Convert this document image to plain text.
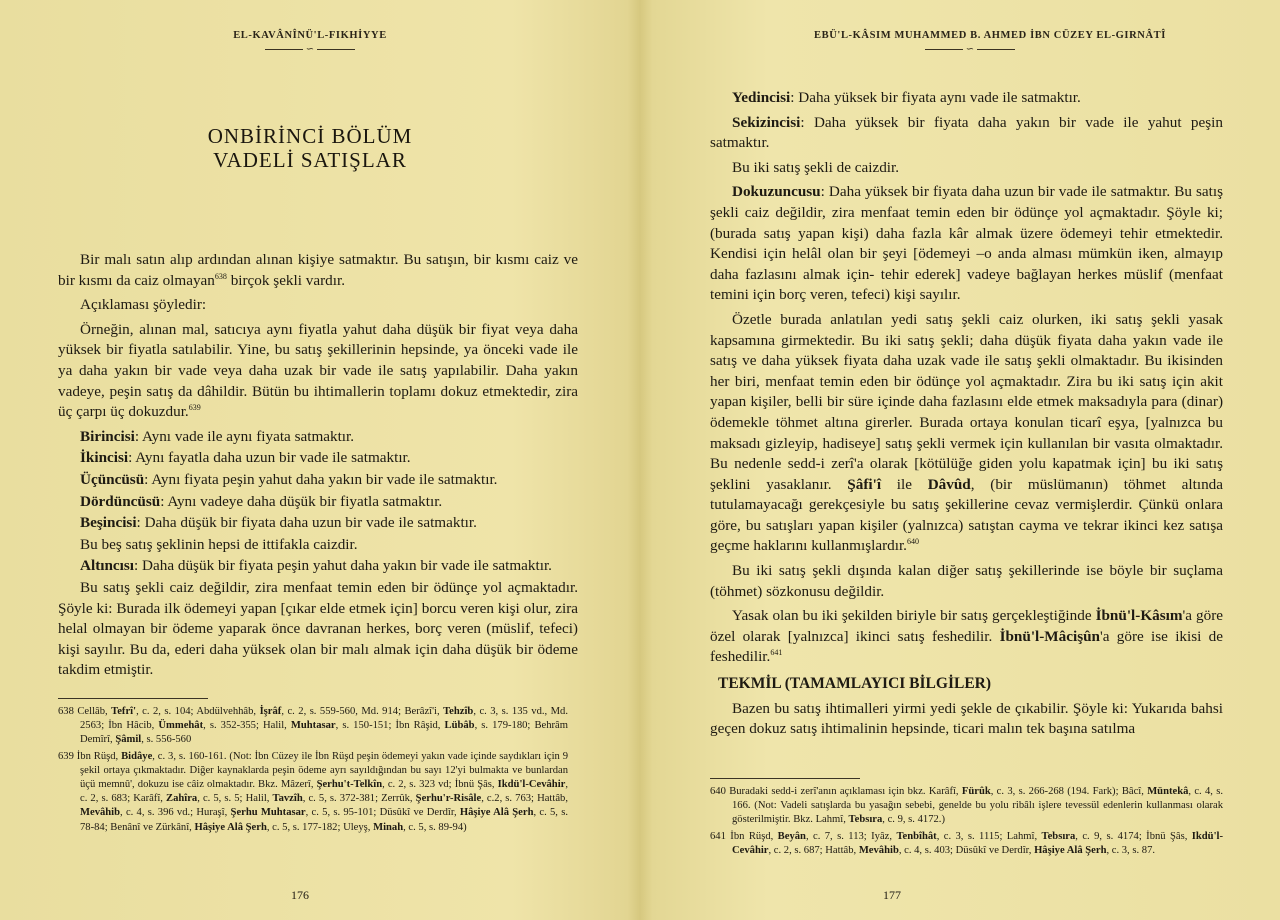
EL-KAVÂNÎNÜ'L-FIKHİYYE
∽
ONBİRİNCİ BÖLÜM
VADELİ SATIŞLAR

Bir malı satın alıp ardından alınan kişiye satmaktır. Bu satışın, bir kısmı caiz ve bir kısmı da caiz olmayan$^{638}$ birçok şekli vardır.

Açıklaması şöyledir:

Örneğin, alınan mal, satıcıya aynı fiyatla yahut daha düşük bir fiyat veya daha yüksek bir fiyatla satılabilir. Yine, bu satış şekillerinin hepsinde, ya önceki vade ile ya daha yakın bir vade veya daha uzak bir vade ile satış yapılabilir. Daha yakın vadeye, peşin satış da dâhildir. Bütün bu ihtimallerin toplamı dokuz etmektedir, zira üç çarpı üç dokuzdur.$^{639}$

Birincisi: Aynı vade ile aynı fiyata satmaktır.

İkincisi: Aynı fayatla daha uzun bir vade ile satmaktır.

Üçüncüsü: Aynı fiyata peşin yahut daha yakın bir vade ile satmaktır.

Dördüncüsü: Aynı vadeye daha düşük bir fiyatla satmaktır.

Beşincisi: Daha düşük bir fiyata daha uzun bir vade ile satmaktır.

Bu beş satış şeklinin hepsi de ittifakla caizdir.

Altıncısı: Daha düşük bir fiyata peşin yahut daha yakın bir vade ile satmaktır.

Bu satış şekli caiz değildir, zira menfaat temin eden bir ödünçe yol açmaktadır. Şöyle ki: Burada ilk ödemeyi yapan [çıkar elde etmek için] borcu veren kişi olur, zira helal olmayan bir ödeme yaparak önce davranan herkes, borç veren (müslif, tefeci) kişi sayılır. Bu da, ederi daha yüksek olan bir malı almak için daha düşük bir ödeme takdim etmiştir.

638 Cellâb, Tefrî', c. 2, s. 104; Abdülvehhâb, İşrâf, c. 2, s. 559-560, Md. 914; Berâzî'i, Tehzîb, c. 3, s. 135 vd., Md. 2563; İbn Hâcib, Ümmehât, s. 352-355; Halil, Muhtasar, s. 150-151; İbn Râşid, Lübâb, s. 179-180; Behrâm Demîrî, Şâmil, s. 556-560

639 İbn Rüşd, Bidâye, c. 3, s. 160-161. (Not: İbn Cüzey ile İbn Rüşd peşin ödemeyi yakın vade içinde saydıkları için 9 şekil ortaya çıkmaktadır. Diğer kaynaklarda peşin ödeme ayrı sayıldığından bu sayı 12'yi bulmakta ve bunlardan üçü memnû', dokuzu ise câiz olmaktadır. Bkz. Mâzerî, Şerhu't-Telkîn, c. 2, s. 323 vd; İbnü Şâs, Ikdü'l-Cevâhir, c. 2, s. 683; Karâfî, Zahîra, c. 5, s. 5; Halil, Tavzîh, c. 5, s. 372-381; Zerrûk, Şerhu'r-Risâle, c.2, s. 763; Hattâb, Mevâhib, c. 4, s. 396 vd.; Huraşî, Şerhu Muhtasar, c. 5, s. 95-101; Düsûkî ve Derdîr, Hâşiye Alâ Şerh, c. 5, s. 78-84; Benânî ve Zürkânî, Hâşiye Alâ Şerh, c. 5, s. 177-182; Uleyş, Minah, c. 5, s. 89-94)

176
EBÜ'L-KÂSIM MUHAMMED B. AHMED İBN CÜZEY EL-GIRNÂTÎ
∽

Yedincisi: Daha yüksek bir fiyata aynı vade ile satmaktır.

Sekizincisi: Daha yüksek bir fiyata daha yakın bir vade ile yahut peşin satmaktır.

Bu iki satış şekli de caizdir.

Dokuzuncusu: Daha yüksek bir fiyata daha uzun bir vade ile satmaktır. Bu satış şekli caiz değildir, zira menfaat temin eden bir ödünçe yol açmaktadır. Şöyle ki; (burada satış yapan kişi) daha fazla kâr almak üzere ödemeyi tehir etmektedir. Kendisi için helâl olan bir şeyi [ödemeyi –o anda alması mümkün iken, almayıp daha fazlasını almak için- tehir ederek] vadeye bağlayan herkes müslif (menfaat temini için borç veren, tefeci) kişi sayılır.

Özetle burada anlatılan yedi satış şekli caiz olurken, iki satış şekli yasak kapsamına girmektedir. Bu iki satış şekli; daha düşük fiyata daha yakın vade ile satış ve daha yüksek fiyata daha uzak vade ile satış şekli olmaktadır. Bu ikisinden her biri, menfaat temin eden bir ödünçe yol açmaktadır. Zira bu iki satış için akit yapan kişiler, belli bir süre içinde daha fazlasını elde etmek maksadıyla para (dinar) ödemekle töhmet altına girerler. Burada ortaya konulan ticarî eşya, [yalnızca bu maksadı gizleyip, hadiseye] satış şekli vermek için kullanılan bir vasıta olmaktadır. Bu nedenle sedd-i zerî'a olarak [kötülüğe giden yolu kapatmak için] bu iki satış şeklini yasaklanır. Şâfi'î ile Dâvûd, (bir müslümanın) töhmet altında tutulamayacağı gerekçesiyle bu satış şekillerine cevaz vermişlerdir. Çünkü onlara göre, bu satışları yapan kişiler (yalnızca) satıştan cayma ve tekrar ikinci kez satışa geçme haklarını kullanmışlardır.$^{640}$

Bu iki satış şekli dışında kalan diğer satış şekillerinde ise böyle bir suçlama (töhmet) sözkonusu değildir.

Yasak olan bu iki şekilden biriyle bir satış gerçekleştiğinde İbnü'l-Kâsım'a göre özel olarak [yalnızca] ikinci satış feshedilir. İbnü'l-Mâcişûn'a göre ise ikisi de feshedilir.$^{641}$

TEKMİL (TAMAMLAYICI BİLGİLER)

Bazen bu satış ihtimalleri yirmi yedi şekle de çıkabilir. Şöyle ki: Yukarıda bahsi geçen dokuz satış ihtimalinin hepsinde, ticari malın tek başına satılma

640 Buradaki sedd-i zerî'anın açıklaması için bkz. Karâfî, Fürûk, c. 3, s. 266-268 (194. Fark); Bâcî, Müntekâ, c. 4, s. 166. (Not: Vadeli satışlarda bu yasağın sebebi, genelde bu yolu ribâlı işlere tevessül edenlerin kullanması olarak gösterilmiştir. Bkz. Lahmî, Tebsıra, c. 9, s. 4172.)

641 İbn Rüşd, Beyân, c. 7, s. 113; Iyâz, Tenbîhât, c. 3, s. 1115; Lahmî, Tebsıra, c. 9, s. 4174; İbnü Şâs, Ikdü'l-Cevâhir, c. 2, s. 687; Hattâb, Mevâhib, c. 4, s. 403; Düsûkî ve Derdîr, Hâşiye Alâ Şerh, c. 3, s. 87.

177
